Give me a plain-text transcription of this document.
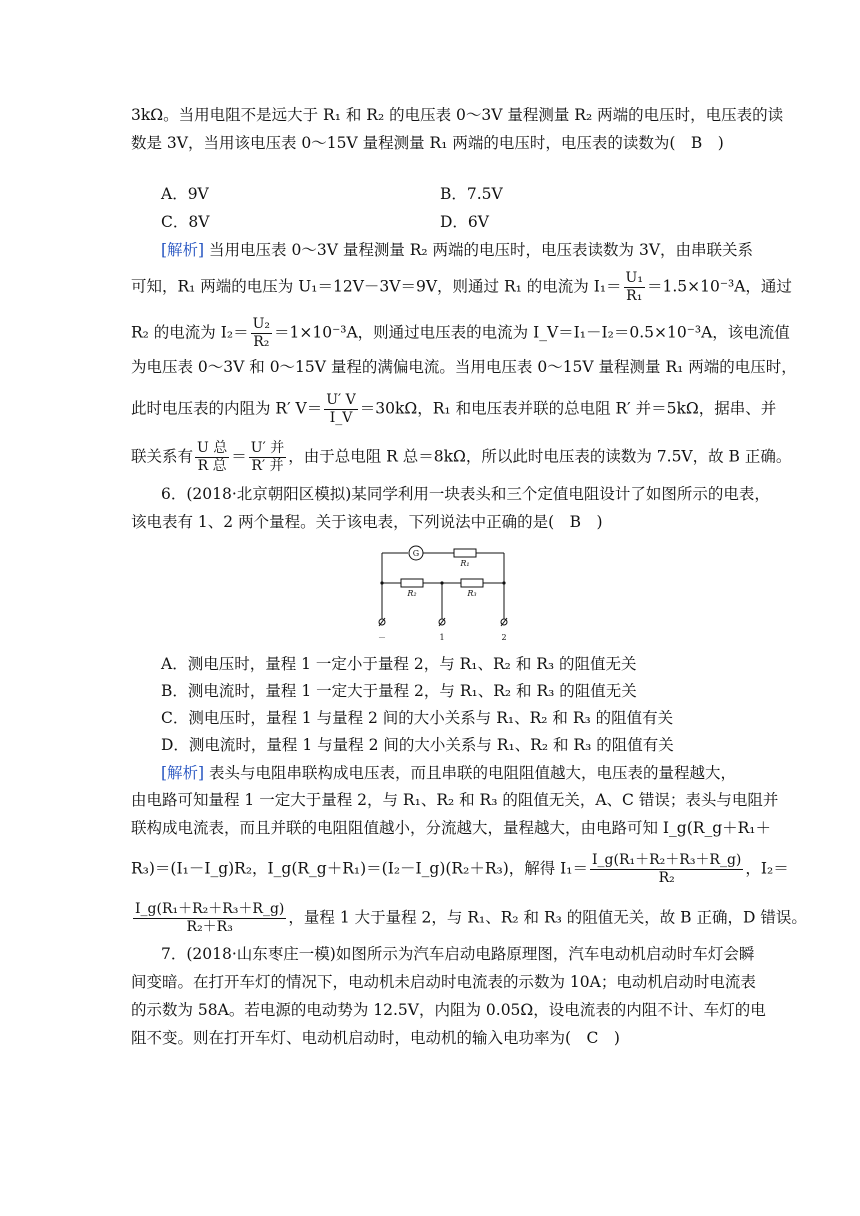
3kΩ。当用电阻不是远大于 R₁ 和 R₂ 的电压表 0～3V 量程测量 R₂ 两端的电压时，电压表的读
数是 3V，当用该电压表 0～15V 量程测量 R₁ 两端的电压时，电压表的读数为(　B　)
A．9V	B．7.5V
C．8V	D．6V
[解析] 当用电压表 0～3V 量程测量 R₂ 两端的电压时，电压表读数为 3V，由串联关系
可知，R₁ 两端的电压为 U₁＝12V－3V＝9V，则通过 R₁ 的电流为 $I_1= \frac{\text{U₁}}{\text{R₁}} =1.5\times 10^{-3}A$，通过
R₂ 的电流为 $I_2= \frac{\text{U₂}}{\text{R₂}} =1\times 10^{-3}A$，则通过电压表的电流为 I_V＝I₁－I₂＝0.5×10⁻³A，该电流值
为电压表 0～3V 和 0～15V 量程的满偏电流。当用电压表 0～15V 量程测量 R₁ 两端的电压时，
此时电压表的内阻为 R′ $V= \frac{U' V}{I\_V} =30k\Omega$，R₁ 和电压表并联的总电阻 R′ 并＝5kΩ，据串、并
联关系有 $\frac{\text{U 总}}{\text{R 总}} = \frac{\text{U′ 并}}{\text{R′ 并}}$ ，由于总电阻 R 总＝8kΩ，所以此时电压表的读数为 7.5V，故 B 正确。
6．(2018·北京朝阳区模拟)某同学利用一块表头和三个定值电阻设计了如图所示的电表，
该电表有 1、2 两个量程。关于该电表，下列说法中正确的是(　B　)
G
R₁
R₂	R₃
－	1	2
A．测电压时，量程 1 一定小于量程 2，与 R₁、R₂ 和 R₃ 的阻值无关
B．测电流时，量程 1 一定大于量程 2，与 R₁、R₂ 和 R₃ 的阻值无关
C．测电压时，量程 1 与量程 2 间的大小关系与 R₁、R₂ 和 R₃ 的阻值有关
D．测电流时，量程 1 与量程 2 间的大小关系与 R₁、R₂ 和 R₃ 的阻值有关
[解析] 表头与电阻串联构成电压表，而且串联的电阻阻值越大，电压表的量程越大，
由电路可知量程 1 一定大于量程 2，与 R₁、R₂ 和 R₃ 的阻值无关，A、C 错误；表头与电阻并
联构成电流表，而且并联的电阻阻值越小，分流越大，量程越大，由电路可知 I_g(R_g＋R₁＋
R₃)＝(I₁－I_g)R₂，I_g(R_g＋R₁)＝(I₂－I_g)(R₂＋R₃)，解得 $I_1= \frac{\text{I\_g(R₁＋R₂＋R₃＋R\_g)}}{\text{R₂}}$ ，I₂＝
$\frac{\text{I\_g(R₁＋R₂＋R₃＋R\_g)}}{\text{R₂＋R₃}}$ ，量程 1 大于量程 2，与 R₁、R₂ 和 R₃ 的阻值无关，故 B 正确，D 错误。
7．(2018·山东枣庄一模)如图所示为汽车启动电路原理图，汽车电动机启动时车灯会瞬
间变暗。在打开车灯的情况下，电动机未启动时电流表的示数为 10A；电动机启动时电流表
的示数为 58A。若电源的电动势为 12.5V，内阻为 0.05Ω，设电流表的内阻不计、车灯的电
阻不变。则在打开车灯、电动机启动时，电动机的输入电功率为(　C　)
